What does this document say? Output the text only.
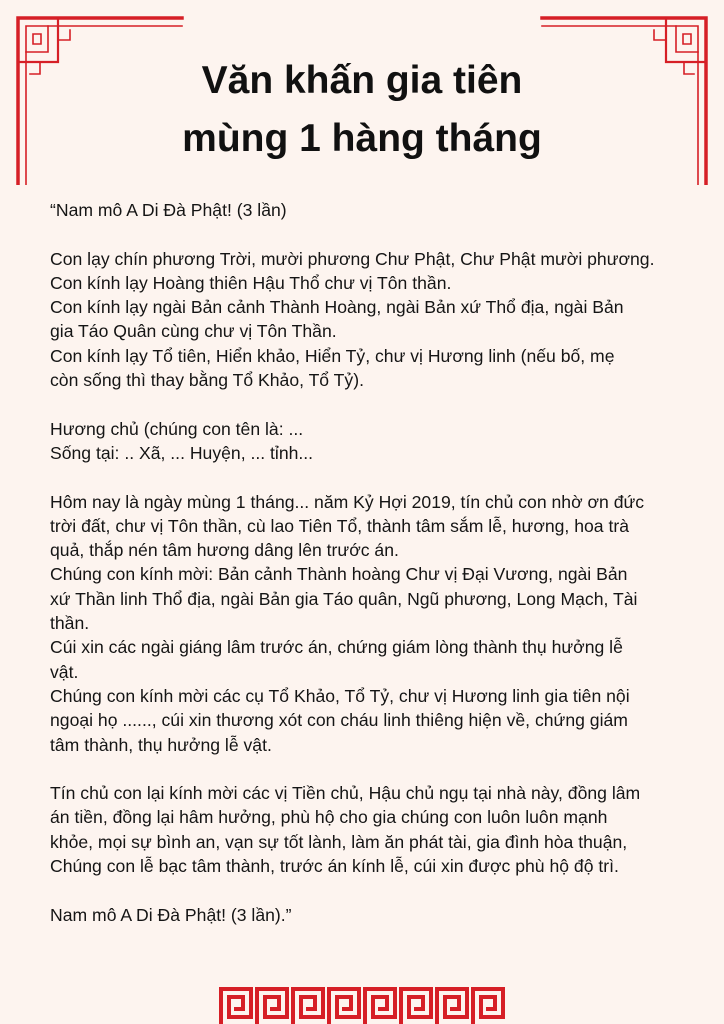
Văn khấn gia tiên
mùng 1 hàng tháng

“Nam mô A Di Đà Phật! (3 lần)

Con lạy chín phương Trời, mười phương Chư Phật, Chư Phật mười phương.

Con kính lạy Hoàng thiên Hậu Thổ chư vị Tôn thần.

Con kính lạy ngài Bản cảnh Thành Hoàng, ngài Bản xứ Thổ địa, ngài Bản

gia Táo Quân cùng chư vị Tôn Thần.

Con kính lạy Tổ tiên, Hiển khảo, Hiển Tỷ, chư vị Hương linh (nếu bố, mẹ

còn sống thì thay bằng Tổ Khảo, Tổ Tỷ).

Hương chủ (chúng con tên là: ...

Sống tại: .. Xã, ... Huyện, ... tỉnh...

Hôm nay là ngày mùng 1 tháng... năm Kỷ Hợi 2019, tín chủ con nhờ ơn đức

trời đất, chư vị Tôn thần, cù lao Tiên Tổ, thành tâm sắm lễ, hương, hoa trà

quả, thắp nén tâm hương dâng lên trước án.

Chúng con kính mời: Bản cảnh Thành hoàng Chư vị Đại Vương, ngài Bản

xứ Thần linh Thổ địa, ngài Bản gia Táo quân, Ngũ phương, Long Mạch, Tài

thần.

Cúi xin các ngài giáng lâm trước án, chứng giám lòng thành thụ hưởng lễ

vật.

Chúng con kính mời các cụ Tổ Khảo, Tổ Tỷ, chư vị Hương linh gia tiên nội

ngoại họ ......, cúi xin thương xót con cháu linh thiêng hiện về, chứng giám

tâm thành, thụ hưởng lễ vật.

Tín chủ con lại kính mời các vị Tiền chủ, Hậu chủ ngụ tại nhà này, đồng lâm

án tiền, đồng lại hâm hưởng, phù hộ cho gia chúng con luôn luôn mạnh

khỏe, mọi sự bình an, vạn sự tốt lành, làm ăn phát tài, gia đình hòa thuận,

Chúng con lễ bạc tâm thành, trước án kính lễ, cúi xin được phù hộ độ trì.

Nam mô A Di Đà Phật! (3 lần).”
